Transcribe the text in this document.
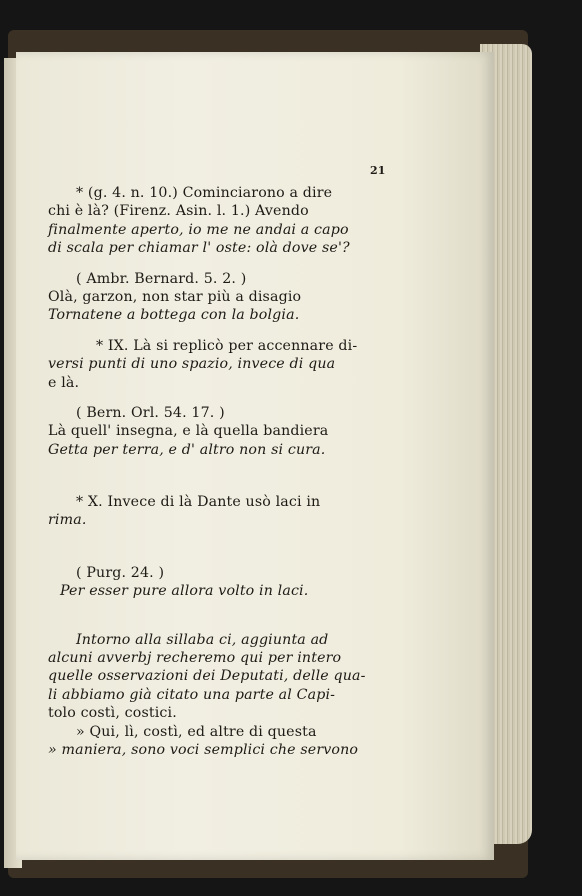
21
* (g. 4. n. 10.) Cominciarono a dire
chi è là? (Firenz. Asin. l. 1.) Avendo
finalmente aperto, io me ne andai a capo
di scala per chiamar l' oste: olà dove se'?
( Ambr. Bernard. 5. 2. )
Olà, garzon, non star più a disagio
Tornatene a bottega con la bolgia.
* IX. Là si replicò per accennare di-
versi punti di uno spazio, invece di qua
e là.
( Bern. Orl. 54. 17. )
Là quell' insegna, e là quella bandiera
Getta per terra, e d' altro non si cura.
* X. Invece di là Dante usò laci in
rima.
( Purg. 24. )
Per esser pure allora volto in laci.
Intorno alla sillaba ci, aggiunta ad
alcuni avverbj recheremo qui per intero
quelle osservazioni dei Deputati, delle qua-
li abbiamo già citato una parte al Capi-
tolo costì, costici.
» Qui, lì, costì, ed altre di questa
» maniera, sono voci semplici che servono
